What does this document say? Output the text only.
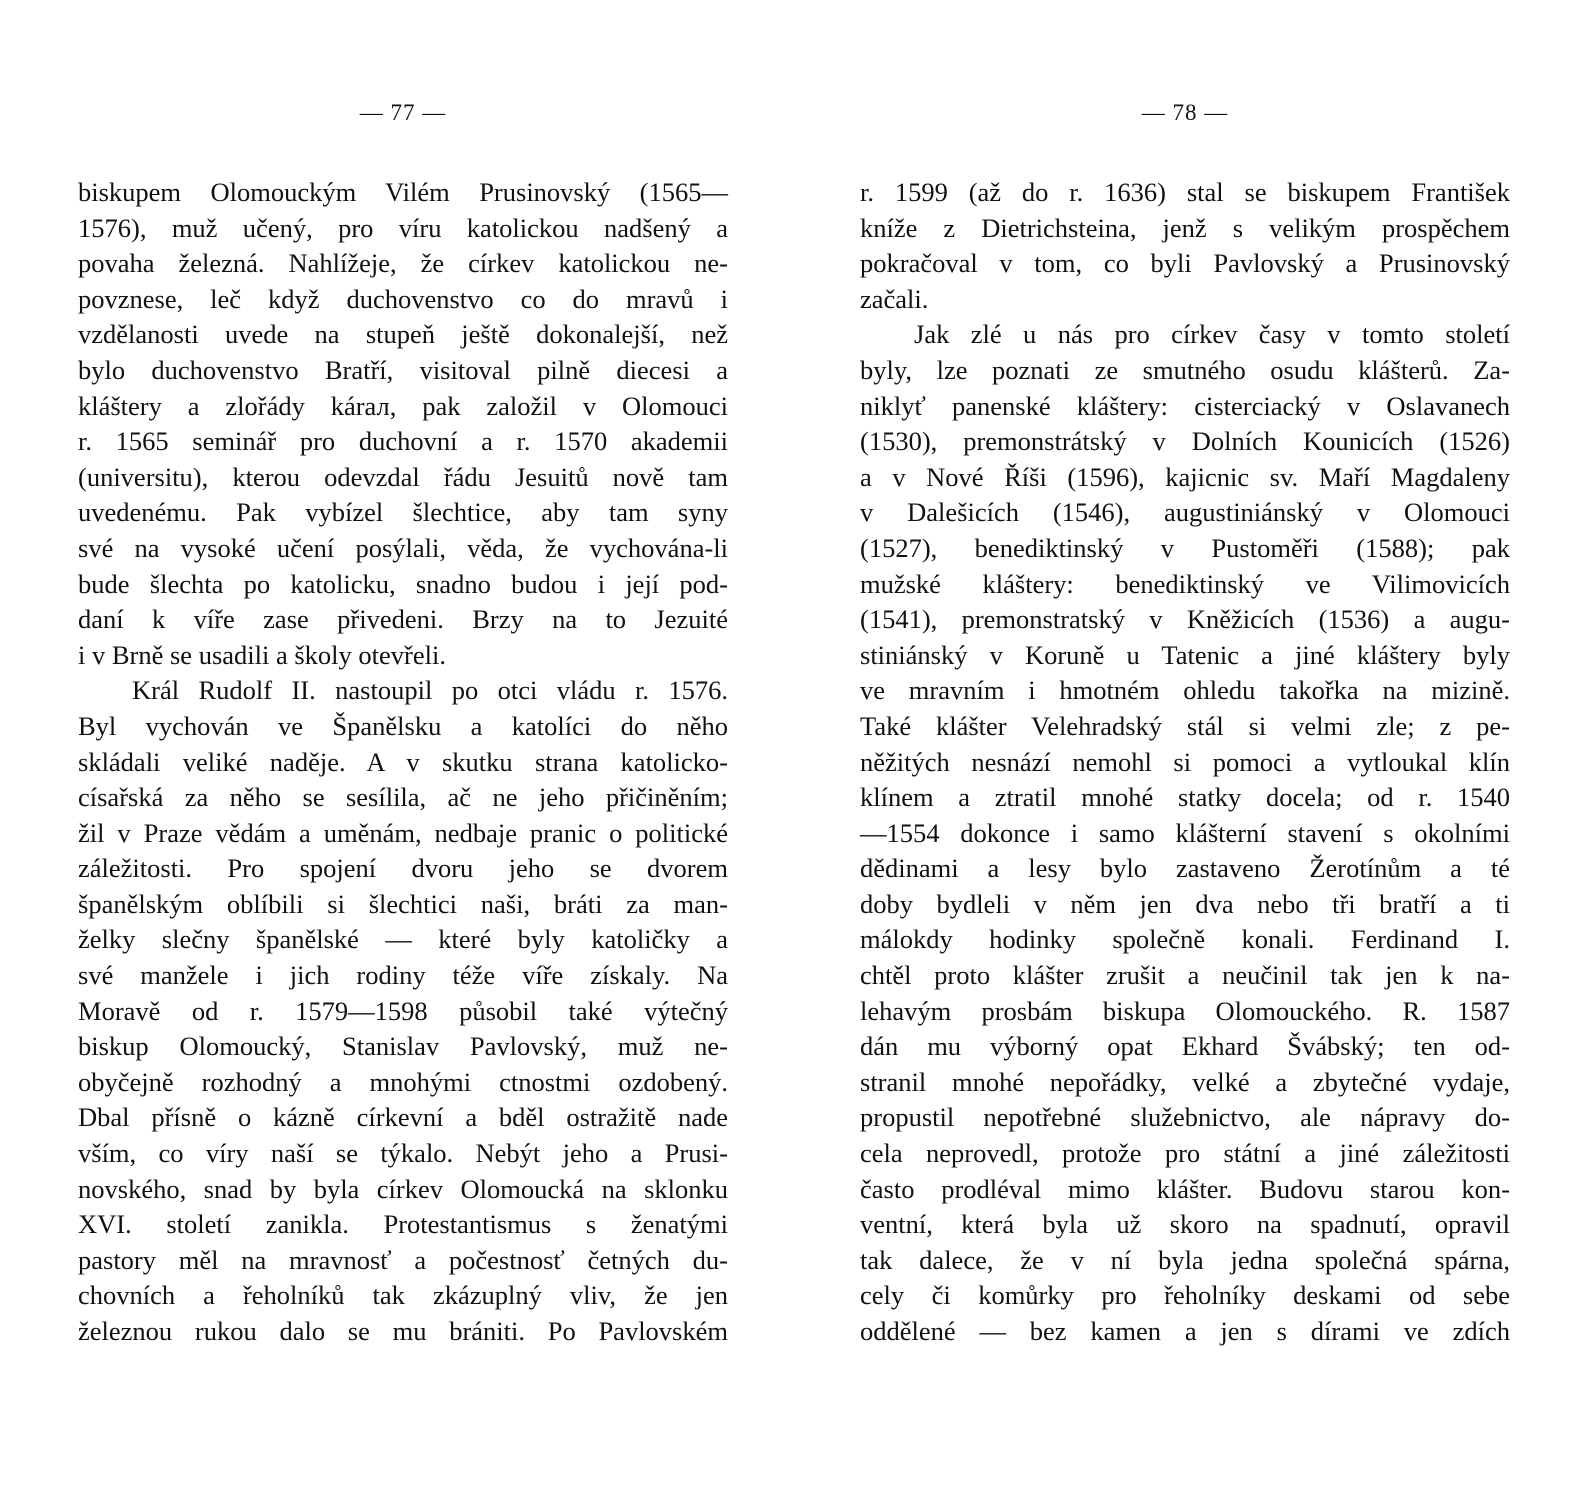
— 77 —
biskupem Olomouckým Vilém Prusinovský (1565—
1576), muž učený, pro víru katolickou nadšený a
povaha železná. Nahlížeje, že církev katolickou ne-
povznese, leč když duchovenstvo co do mravů i
vzdělanosti uvede na stupeň ještě dokonalejší, než
bylo duchovenstvo Bratří, visitoval pilně diecesi a
kláštery a zlořády kárал, pak založil v Olomouci
r. 1565 seminář pro duchovní a r. 1570 akademii
(universitu), kterou odevzdal řádu Jesuitů nově tam
uvedenému. Pak vybízel šlechtice, aby tam syny
své na vysoké učení posýlali, věda, že vychována-li
bude šlechta po katolicku, snadno budou i její pod-
daní k víře zase přivedeni. Brzy na to Jezuité
i v Brně se usadili a školy otevřeli.
Král Rudolf II. nastoupil po otci vládu r. 1576.
Byl vychován ve Španělsku a katolíci do něho
skládali veliké naděje. A v skutku strana katolicko-
císařská za něho se sesílila, ač ne jeho přičiněním;
žil v Praze vědám a uměnám, nedbaje pranic o politické
záležitosti. Pro spojení dvoru jeho se dvorem
španělským oblíbili si šlechtici naši, bráti za man-
želky slečny španělské — které byly katoličky a
své manžele i jich rodiny téže víře získaly. Na
Moravě od r. 1579—1598 působil také výtečný
biskup Olomoucký, Stanislav Pavlovský, muž ne-
obyčejně rozhodný a mnohými ctnostmi ozdobený.
Dbal přísně o kázně církevní a bděl ostražitě nade
vším, co víry naší se týkalo. Nebýt jeho a Prusi-
novského, snad by byla církev Olomoucká na sklonku
XVI. století zanikla. Protestantismus s ženatými
pastory měl na mravnosť a počestnosť četných du-
chovních a řeholníků tak zkázuplný vliv, že jen
železnou rukou dalo se mu brániti. Po Pavlovském
— 78 —
r. 1599 (až do r. 1636) stal se biskupem František
kníže z Dietrichsteina, jenž s velikým prospěchem
pokračoval v tom, co byli Pavlovský a Prusinovský
začali.
Jak zlé u nás pro církev časy v tomto století
byly, lze poznati ze smutného osudu klášterů. Za-
niklyť panenské kláštery: cisterciacký v Oslavanech
(1530), premonstrátský v Dolních Kounicích (1526)
a v Nové Říši (1596), kajicnic sv. Maří Magdaleny
v Dalešicích (1546), augustiniánský v Olomouci
(1527), benediktinský v Pustoměři (1588); pak
mužské kláštery: benediktinský ve Vilimovicích
(1541), premonstratský v Kněžicích (1536) a augu-
stiniánský v Koruně u Tatenic a jiné kláštery byly
ve mravním i hmotném ohledu takořka na mizině.
Také klášter Velehradský stál si velmi zle; z pe-
něžitých nesnází nemohl si pomoci a vytloukal klín
klínem a ztratil mnohé statky docela; od r. 1540
—1554 dokonce i samo klášterní stavení s okolními
dědinami a lesy bylo zastaveno Žerotínům a té
doby bydleli v něm jen dva nebo tři bratří a ti
málokdy hodinky společně konali. Ferdinand I.
chtěl proto klášter zrušit a neučinil tak jen k na-
lehavým prosbám biskupa Olomouckého. R. 1587
dán mu výborný opat Ekhard Švábský; ten od-
stranil mnohé nepořádky, velké a zbytečné vydaje,
propustil nepotřebné služebnictvo, ale nápravy do-
cela neprovedl, protože pro státní a jiné záležitosti
často prodléval mimo klášter. Budovu starou kon-
ventní, která byla už skoro na spadnutí, opravil
tak dalece, že v ní byla jedna společná spárna,
cely či komůrky pro řeholníky deskami od sebe
oddělené — bez kamen a jen s dírami ve zdích
